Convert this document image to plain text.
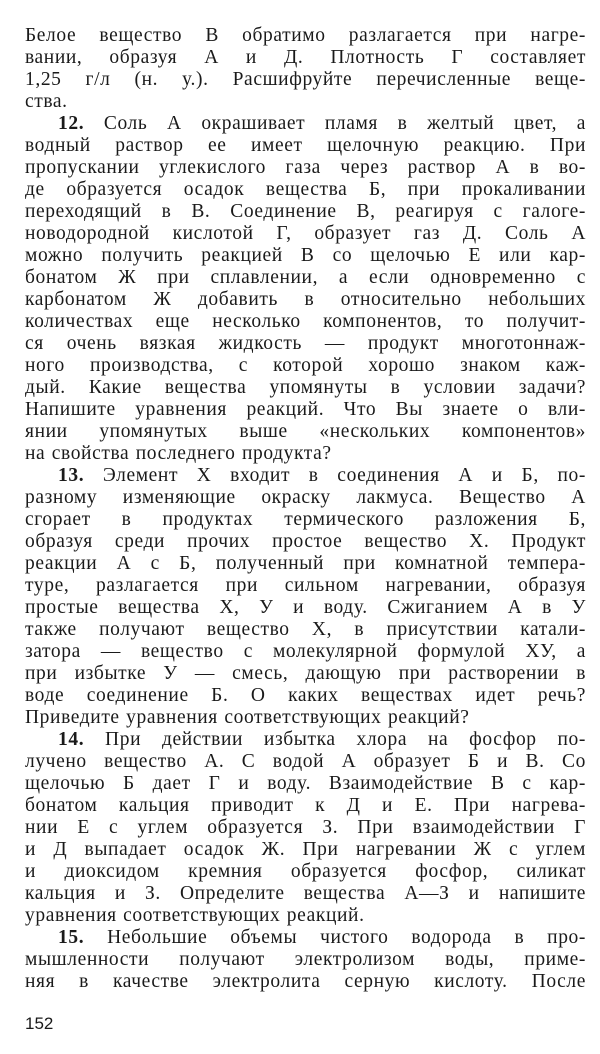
Белое вещество В обратимо разлагается при нагре-
вании, образуя А и Д. Плотность Г составляет
1,25 г/л (н. у.). Расшифруйте перечисленные веще-
ства.
12. Соль А окрашивает пламя в желтый цвет, а
водный раствор ее имеет щелочную реакцию. При
пропускании углекислого газа через раствор А в во-
де образуется осадок вещества Б, при прокаливании
переходящий в В. Соединение В, реагируя с галоге-
новодородной кислотой Г, образует газ Д. Соль А
можно получить реакцией В со щелочью Е или кар-
бонатом Ж при сплавлении, а если одновременно с
карбонатом Ж добавить в относительно небольших
количествах еще несколько компонентов, то получит-
ся очень вязкая жидкость — продукт многотоннаж-
ного производства, с которой хорошо знаком каж-
дый. Какие вещества упомянуты в условии задачи?
Напишите уравнения реакций. Что Вы знаете о вли-
янии упомянутых выше «нескольких компонентов»
на свойства последнего продукта?
13. Элемент Х входит в соединения А и Б, по-
разному изменяющие окраску лакмуса. Вещество А
сгорает в продуктах термического разложения Б,
образуя среди прочих простое вещество Х. Продукт
реакции А с Б, полученный при комнатной темпера-
туре, разлагается при сильном нагревании, образуя
простые вещества Х, У и воду. Сжиганием А в У
также получают вещество Х, в присутствии катали-
затора — вещество с молекулярной формулой ХУ, а
при избытке У — смесь, дающую при растворении в
воде соединение Б. О каких веществах идет речь?
Приведите уравнения соответствующих реакций?
14. При действии избытка хлора на фосфор по-
лучено вещество А. С водой А образует Б и В. Со
щелочью Б дает Г и воду. Взаимодействие В с кар-
бонатом кальция приводит к Д и Е. При нагрева-
нии Е с углем образуется З. При взаимодействии Г
и Д выпадает осадок Ж. При нагревании Ж с углем
и диоксидом кремния образуется фосфор, силикат
кальция и З. Определите вещества А—З и напишите
уравнения соответствующих реакций.
15. Небольшие объемы чистого водорода в про-
мышленности получают электролизом воды, приме-
няя в качестве электролита серную кислоту. После
152
